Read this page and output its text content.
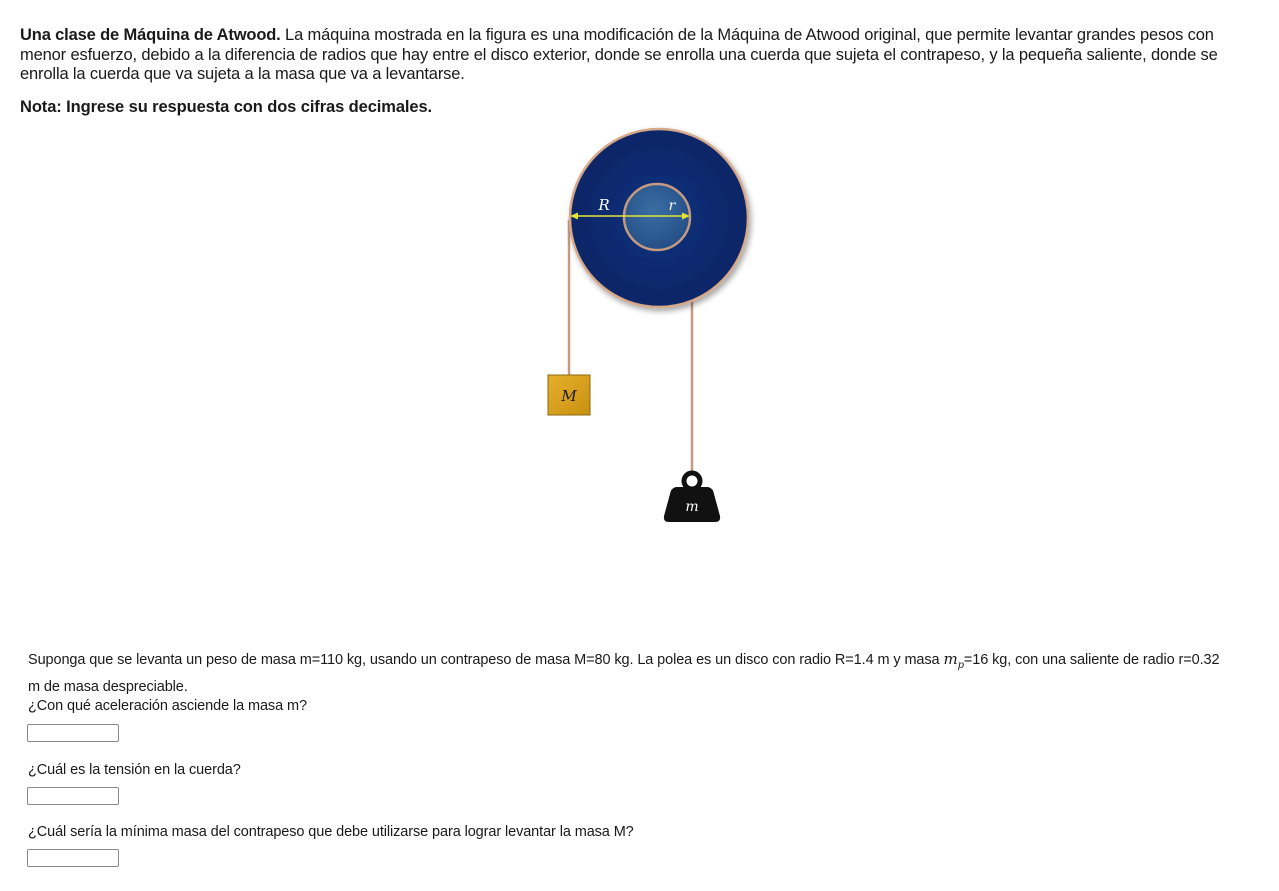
Una clase de Máquina de Atwood. La máquina mostrada en la figura es una modificación de la Máquina de Atwood original, que permite levantar grandes pesos con menor esfuerzo, debido a la diferencia de radios que hay entre el disco exterior, donde se enrolla una cuerda que sujeta el contrapeso, y la pequeña saliente, donde se enrolla la cuerda que va sujeta a la masa que va a levantarse.
Nota: Ingrese su respuesta con dos cifras decimales.
R	r
M
m
Suponga que se levanta un peso de masa m=110 kg, usando un contrapeso de masa M=80 kg. La polea es un disco con radio R=1.4 m y masa $m_p=16$ kg, con una saliente de radio r=0.32 m de masa despreciable.
¿Con qué aceleración asciende la masa m?
¿Cuál es la tensión en la cuerda?
¿Cuál sería la mínima masa del contrapeso que debe utilizarse para lograr levantar la masa M?
